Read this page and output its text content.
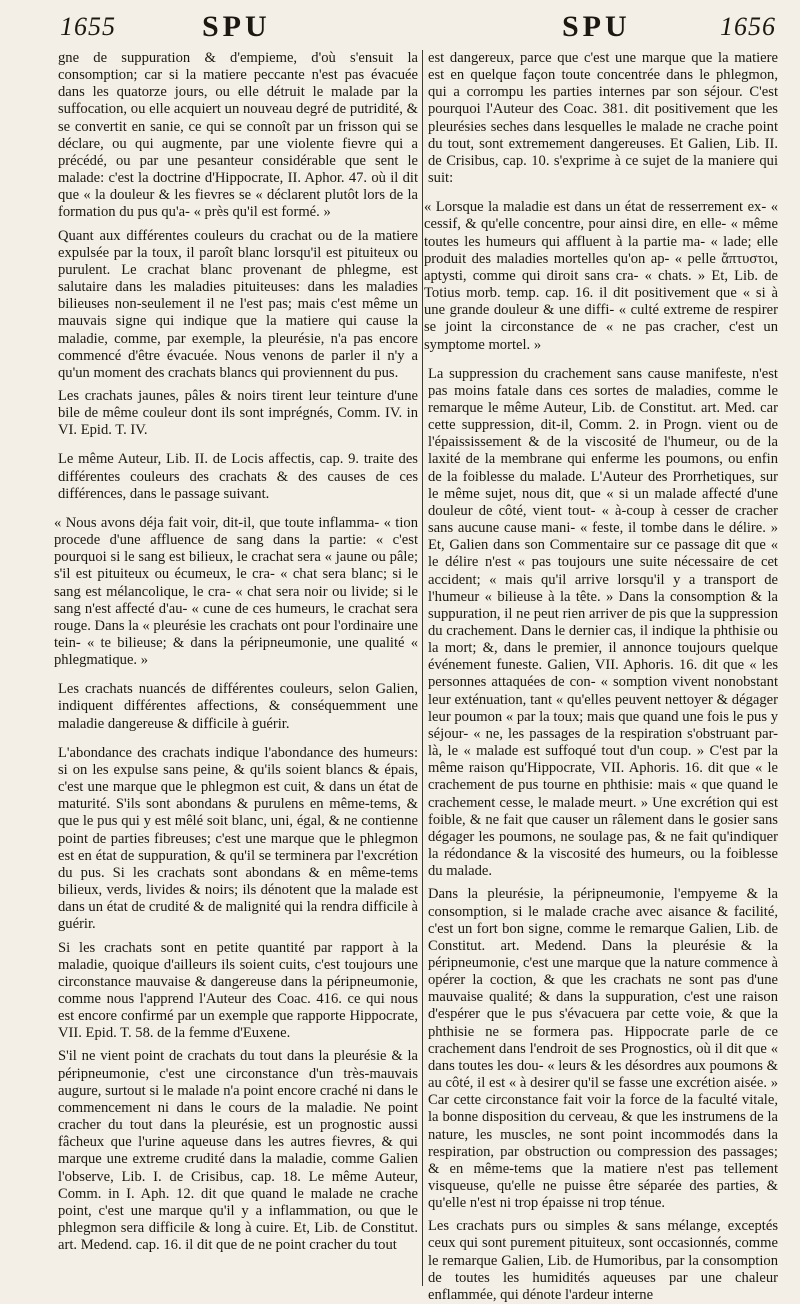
1655	SPU	SPU	1656

gne de suppuration & d'empieme, d'où s'ensuit la consomption; car si la matiere peccante n'est pas évacuée dans les quatorze jours, ou elle détruit le malade par la suffocation, ou elle acquiert un nouveau degré de putridité, & se convertit en sanie, ce qui se connoît par un frisson qui se déclare, ou qui augmente, par une violente fievre qui a précédé, ou par une pesanteur considérable que sent le malade: c'est la doctrine d'Hippocrate, II. Aphor. 47. où il dit que « la douleur & les fievres se « déclarent plutôt lors de la formation du pus qu'a- « près qu'il est formé. »

Quant aux différentes couleurs du crachat ou de la matiere expulsée par la toux, il paroît blanc lorsqu'il est pituiteux ou purulent. Le crachat blanc provenant de phlegme, est salutaire dans les maladies pituiteuses: dans les maladies bilieuses non-seulement il ne l'est pas; mais c'est même un mauvais signe qui indique que la matiere qui cause la maladie, comme, par exemple, la pleurésie, n'a pas encore commencé d'être évacuée. Nous venons de parler il n'y a qu'un moment des crachats blancs qui proviennent du pus.

Les crachats jaunes, pâles & noirs tirent leur teinture d'une bile de même couleur dont ils sont imprégnés, Comm. IV. in VI. Epid. T. IV.

Le même Auteur, Lib. II. de Locis affectis, cap. 9. traite des différentes couleurs des crachats & des causes de ces différences, dans le passage suivant.

« Nous avons déja fait voir, dit-il, que toute inflamma- « tion procede d'une affluence de sang dans la partie: « c'est pourquoi si le sang est bilieux, le crachat sera « jaune ou pâle; s'il est pituiteux ou écumeux, le cra- « chat sera blanc; si le sang est mélancolique, le cra- « chat sera noir ou livide; si le sang n'est affecté d'au- « cune de ces humeurs, le crachat sera rouge. Dans la « pleurésie les crachats ont pour l'ordinaire une tein- « te bilieuse; & dans la péripneumonie, une qualité « phlegmatique. »

Les crachats nuancés de différentes couleurs, selon Galien, indiquent différentes affections, & conséquemment une maladie dangereuse & difficile à guérir.

L'abondance des crachats indique l'abondance des humeurs: si on les expulse sans peine, & qu'ils soient blancs & épais, c'est une marque que le phlegmon est cuit, & dans un état de maturité. S'ils sont abondans & purulens en même-tems, & que le pus qui y est mêlé soit blanc, uni, égal, & ne contienne point de parties fibreuses; c'est une marque que le phlegmon est en état de suppuration, & qu'il se terminera par l'excrétion du pus. Si les crachats sont abondans & en même-tems bilieux, verds, livides & noirs; ils dénotent que la malade est dans un état de crudité & de malignité qui la rendra difficile à guérir.

Si les crachats sont en petite quantité par rapport à la maladie, quoique d'ailleurs ils soient cuits, c'est toujours une circonstance mauvaise & dangereuse dans la péripneumonie, comme nous l'apprend l'Auteur des Coac. 416. ce qui nous est encore confirmé par un exemple que rapporte Hippocrate, VII. Epid. T. 58. de la femme d'Euxene.

S'il ne vient point de crachats du tout dans la pleurésie & la péripneumonie, c'est une circonstance d'un très-mauvais augure, surtout si le malade n'a point encore craché ni dans le commencement ni dans le cours de la maladie. Ne point cracher du tout dans la pleurésie, est un prognostic aussi fâcheux que l'urine aqueuse dans les autres fievres, & qui marque une extreme crudité dans la maladie, comme Galien l'observe, Lib. I. de Crisibus, cap. 18. Le même Auteur, Comm. in I. Aph. 12. dit que quand le malade ne crache point, c'est une marque qu'il y a inflammation, ou que le phlegmon sera difficile & long à cuire. Et, Lib. de Constitut. art. Medend. cap. 16. il dit que de ne point cracher du tout

est dangereux, parce que c'est une marque que la matiere est en quelque façon toute concentrée dans le phlegmon, qui a corrompu les parties internes par son séjour. C'est pourquoi l'Auteur des Coac. 381. dit positivement que les pleurésies seches dans lesquelles le malade ne crache point du tout, sont extremement dangereuses. Et Galien, Lib. II. de Crisibus, cap. 10. s'exprime à ce sujet de la maniere qui suit:

« Lorsque la maladie est dans un état de resserrement ex- « cessif, & qu'elle concentre, pour ainsi dire, en elle- « même toutes les humeurs qui affluent à la partie ma- « lade; elle produit des maladies mortelles qu'on ap- « pelle ἄπτυστοι, aptysti, comme qui diroit sans cra- « chats. » Et, Lib. de Totius morb. temp. cap. 16. il dit positivement que « si à une grande douleur & une diffi- « culté extreme de respirer se joint la circonstance de « ne pas cracher, c'est un symptome mortel. »

La suppression du crachement sans cause manifeste, n'est pas moins fatale dans ces sortes de maladies, comme le remarque le même Auteur, Lib. de Constitut. art. Med. car cette suppression, dit-il, Comm. 2. in Progn. vient ou de l'épaississement & de la viscosité de l'humeur, ou de la laxité de la membrane qui enferme les poumons, ou enfin de la foiblesse du malade. L'Auteur des Prorrhetiques, sur le même sujet, nous dit, que « si un malade affecté d'une douleur de côté, vient tout- « à-coup à cesser de cracher sans aucune cause mani- « feste, il tombe dans le délire. » Et, Galien dans son Commentaire sur ce passage dit que « le délire n'est « pas toujours une suite nécessaire de cet accident; « mais qu'il arrive lorsqu'il y a transport de l'humeur « bilieuse à la tête. » Dans la consomption & la suppuration, il ne peut rien arriver de pis que la suppression du crachement. Dans le dernier cas, il indique la phthisie ou la mort; &, dans le premier, il annonce toujours quelque événement funeste. Galien, VII. Aphoris. 16. dit que « les personnes attaquées de con- « somption vivent nonobstant leur exténuation, tant « qu'elles peuvent nettoyer & dégager leur poumon « par la toux; mais que quand une fois le pus y séjour- « ne, les passages de la respiration s'obstruant par-là, le « malade est suffoqué tout d'un coup. » C'est par la même raison qu'Hippocrate, VII. Aphoris. 16. dit que « le crachement de pus tourne en phthisie: mais « que quand le crachement cesse, le malade meurt. » Une excrétion qui est foible, & ne fait que causer un râlement dans le gosier sans dégager les poumons, ne soulage pas, & ne fait qu'indiquer la rédondance & la viscosité des humeurs, ou la foiblesse du malade.

Dans la pleurésie, la péripneumonie, l'empyeme & la consomption, si le malade crache avec aisance & facilité, c'est un fort bon signe, comme le remarque Galien, Lib. de Constitut. art. Medend. Dans la pleurésie & la péripneumonie, c'est une marque que la nature commence à opérer la coction, & que les crachats ne sont pas d'une mauvaise qualité; & dans la suppuration, c'est une raison d'espérer que le pus s'évacuera par cette voie, & que la phthisie ne se formera pas. Hippocrate parle de ce crachement dans l'endroit de ses Prognostics, où il dit que « dans toutes les dou- « leurs & les désordres aux poumons & au côté, il est « à desirer qu'il se fasse une excrétion aisée. » Car cette circonstance fait voir la force de la faculté vitale, la bonne disposition du cerveau, & que les instrumens de la nature, les muscles, ne sont point incommodés dans la respiration, par obstruction ou compression des passages; & en même-tems que la matiere n'est pas tellement visqueuse, qu'elle ne puisse être séparée des parties, & qu'elle n'est ni trop épaisse ni trop ténue.

Les crachats purs ou simples & sans mélange, exceptés ceux qui sont purement pituiteux, sont occasionnés, comme le remarque Galien, Lib. de Humoribus, par la consomption de toutes les humidités aqueuses par une chaleur enflammée, qui dénote l'ardeur interne
